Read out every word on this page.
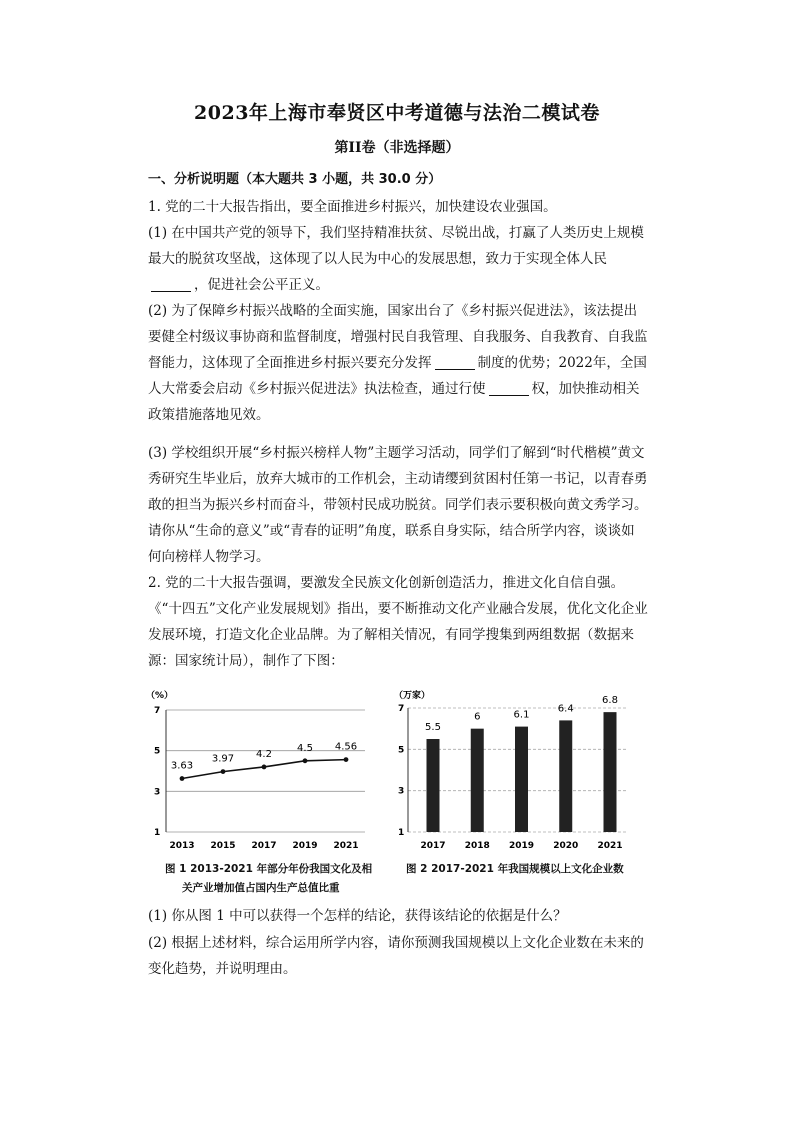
2023年上海市奉贤区中考道德与法治二模试卷
第II卷（非选择题）
一、分析说明题（本大题共 3 小题，共 30.0 分）
1. 党的二十大报告指出，要全面推进乡村振兴，加快建设农业强国。
(1) 在中国共产党的领导下，我们坚持精准扶贫、尽锐出战，打赢了人类历史上规模最大的脱贫攻坚战，这体现了以人民为中心的发展思想，致力于实现全体人民，促进社会公平正义。
(2) 为了保障乡村振兴战略的全面实施，国家出台了《乡村振兴促进法》，该法提出要健全村级议事协商和监督制度，增强村民自我管理、自我服务、自我教育、自我监督能力，这体现了全面推进乡村振兴要充分发挥	制度的优势；2022年，全国人大常委会启动《乡村振兴促进法》执法检查，通过行使	权，加快推动相关政策措施落地见效。
(3) 学校组织开展“乡村振兴榜样人物”主题学习活动，同学们了解到“时代楷模”黄文秀研究生毕业后，放弃大城市的工作机会，主动请缨到贫困村任第一书记，以青春勇敢的担当为振兴乡村而奋斗，带领村民成功脱贫。同学们表示要积极向黄文秀学习。请你从“生命的意义”或“青春的证明”角度，联系自身实际，结合所学内容，谈谈如何向榜样人物学习。
2. 党的二十大报告强调，要激发全民族文化创新创造活力，推进文化自信自强。《“十四五”文化产业发展规划》指出，要不断推动文化产业融合发展，优化文化企业发展环境，打造文化企业品牌。为了解相关情况，有同学搜集到两组数据（数据来源：国家统计局），制作了下图：
（%）
3.63
3.97 4.2
4.5 4.56
1
3
5
7
2013 2015 2017 2019 2021
图 1 2013-2021 年部分年份我国文化及相
关产业增加值占国内生产总值比重
（万家）
5.5
6	6.1
6.4
6.8
1
3
5
7
2017 2018 2019 2020 2021
图 2 2017-2021 年我国规模以上文化企业数
(1) 你从图 1 中可以获得一个怎样的结论，获得该结论的依据是什么？
(2) 根据上述材料，综合运用所学内容，请你预测我国规模以上文化企业数在未来的变化趋势，并说明理由。
